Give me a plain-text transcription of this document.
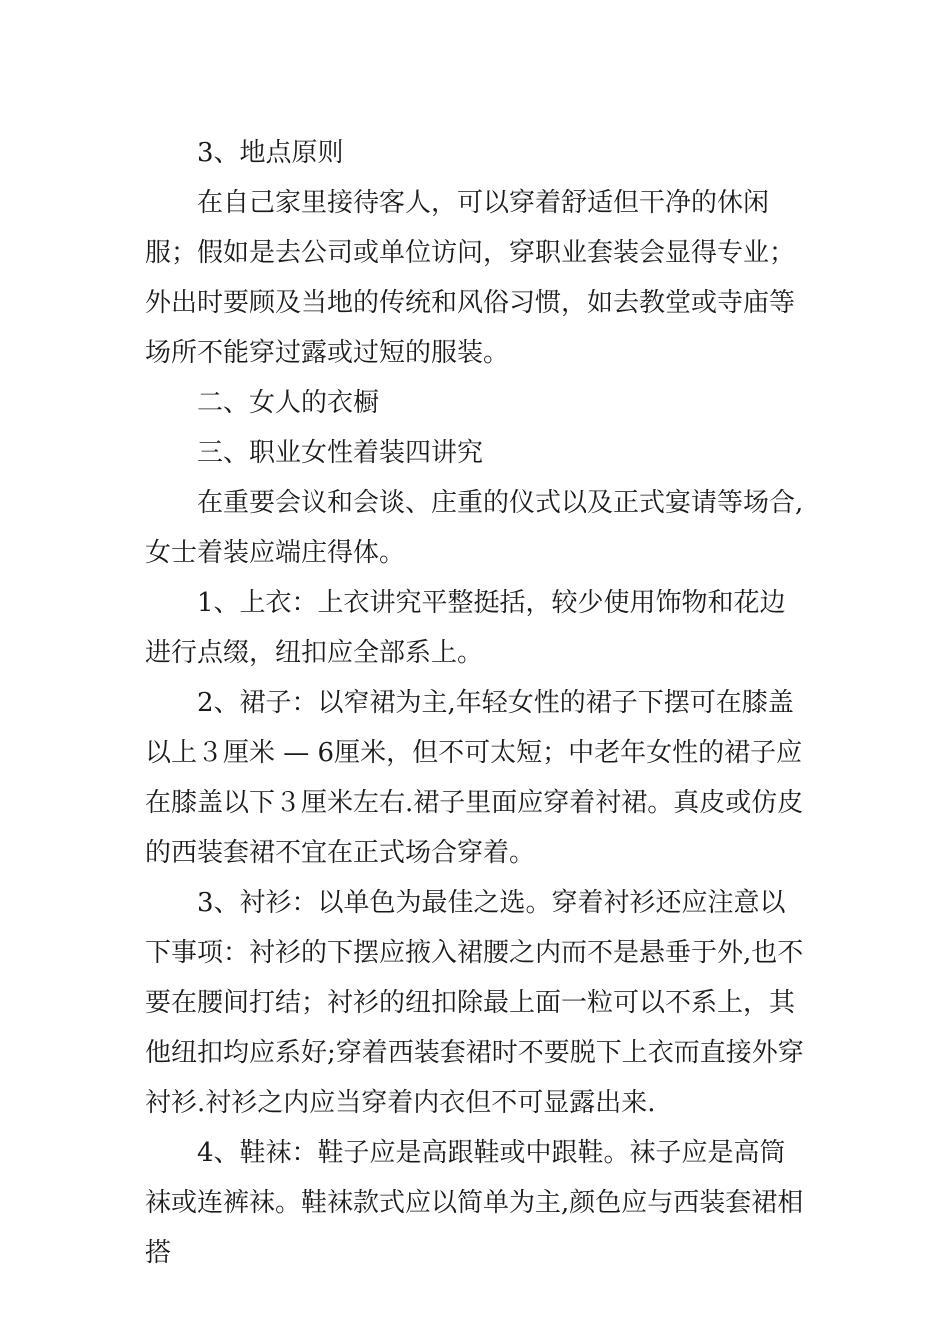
3、地点原则

在自己家里接待客人，可以穿着舒适但干净的休闲服；假如是去公司或单位访问，穿职业套装会显得专业；外出时要顾及当地的传统和风俗习惯，如去教堂或寺庙等场所不能穿过露或过短的服装。

二、女人的衣橱

三、职业女性着装四讲究

在重要会议和会谈、庄重的仪式以及正式宴请等场合,女士着装应端庄得体。

1、上衣：上衣讲究平整挺括，较少使用饰物和花边进行点缀，纽扣应全部系上。

2、裙子：以窄裙为主,年轻女性的裙子下摆可在膝盖以上３厘米 — 6厘米，但不可太短；中老年女性的裙子应在膝盖以下３厘米左右.裙子里面应穿着衬裙。真皮或仿皮的西装套裙不宜在正式场合穿着。

3、衬衫：以单色为最佳之选。穿着衬衫还应注意以下事项：衬衫的下摆应掖入裙腰之内而不是悬垂于外,也不要在腰间打结；衬衫的纽扣除最上面一粒可以不系上，其他纽扣均应系好;穿着西装套裙时不要脱下上衣而直接外穿衬衫.衬衫之内应当穿着内衣但不可显露出来.

4、鞋袜：鞋子应是高跟鞋或中跟鞋。袜子应是高筒袜或连裤袜。鞋袜款式应以简单为主,颜色应与西装套裙相搭
